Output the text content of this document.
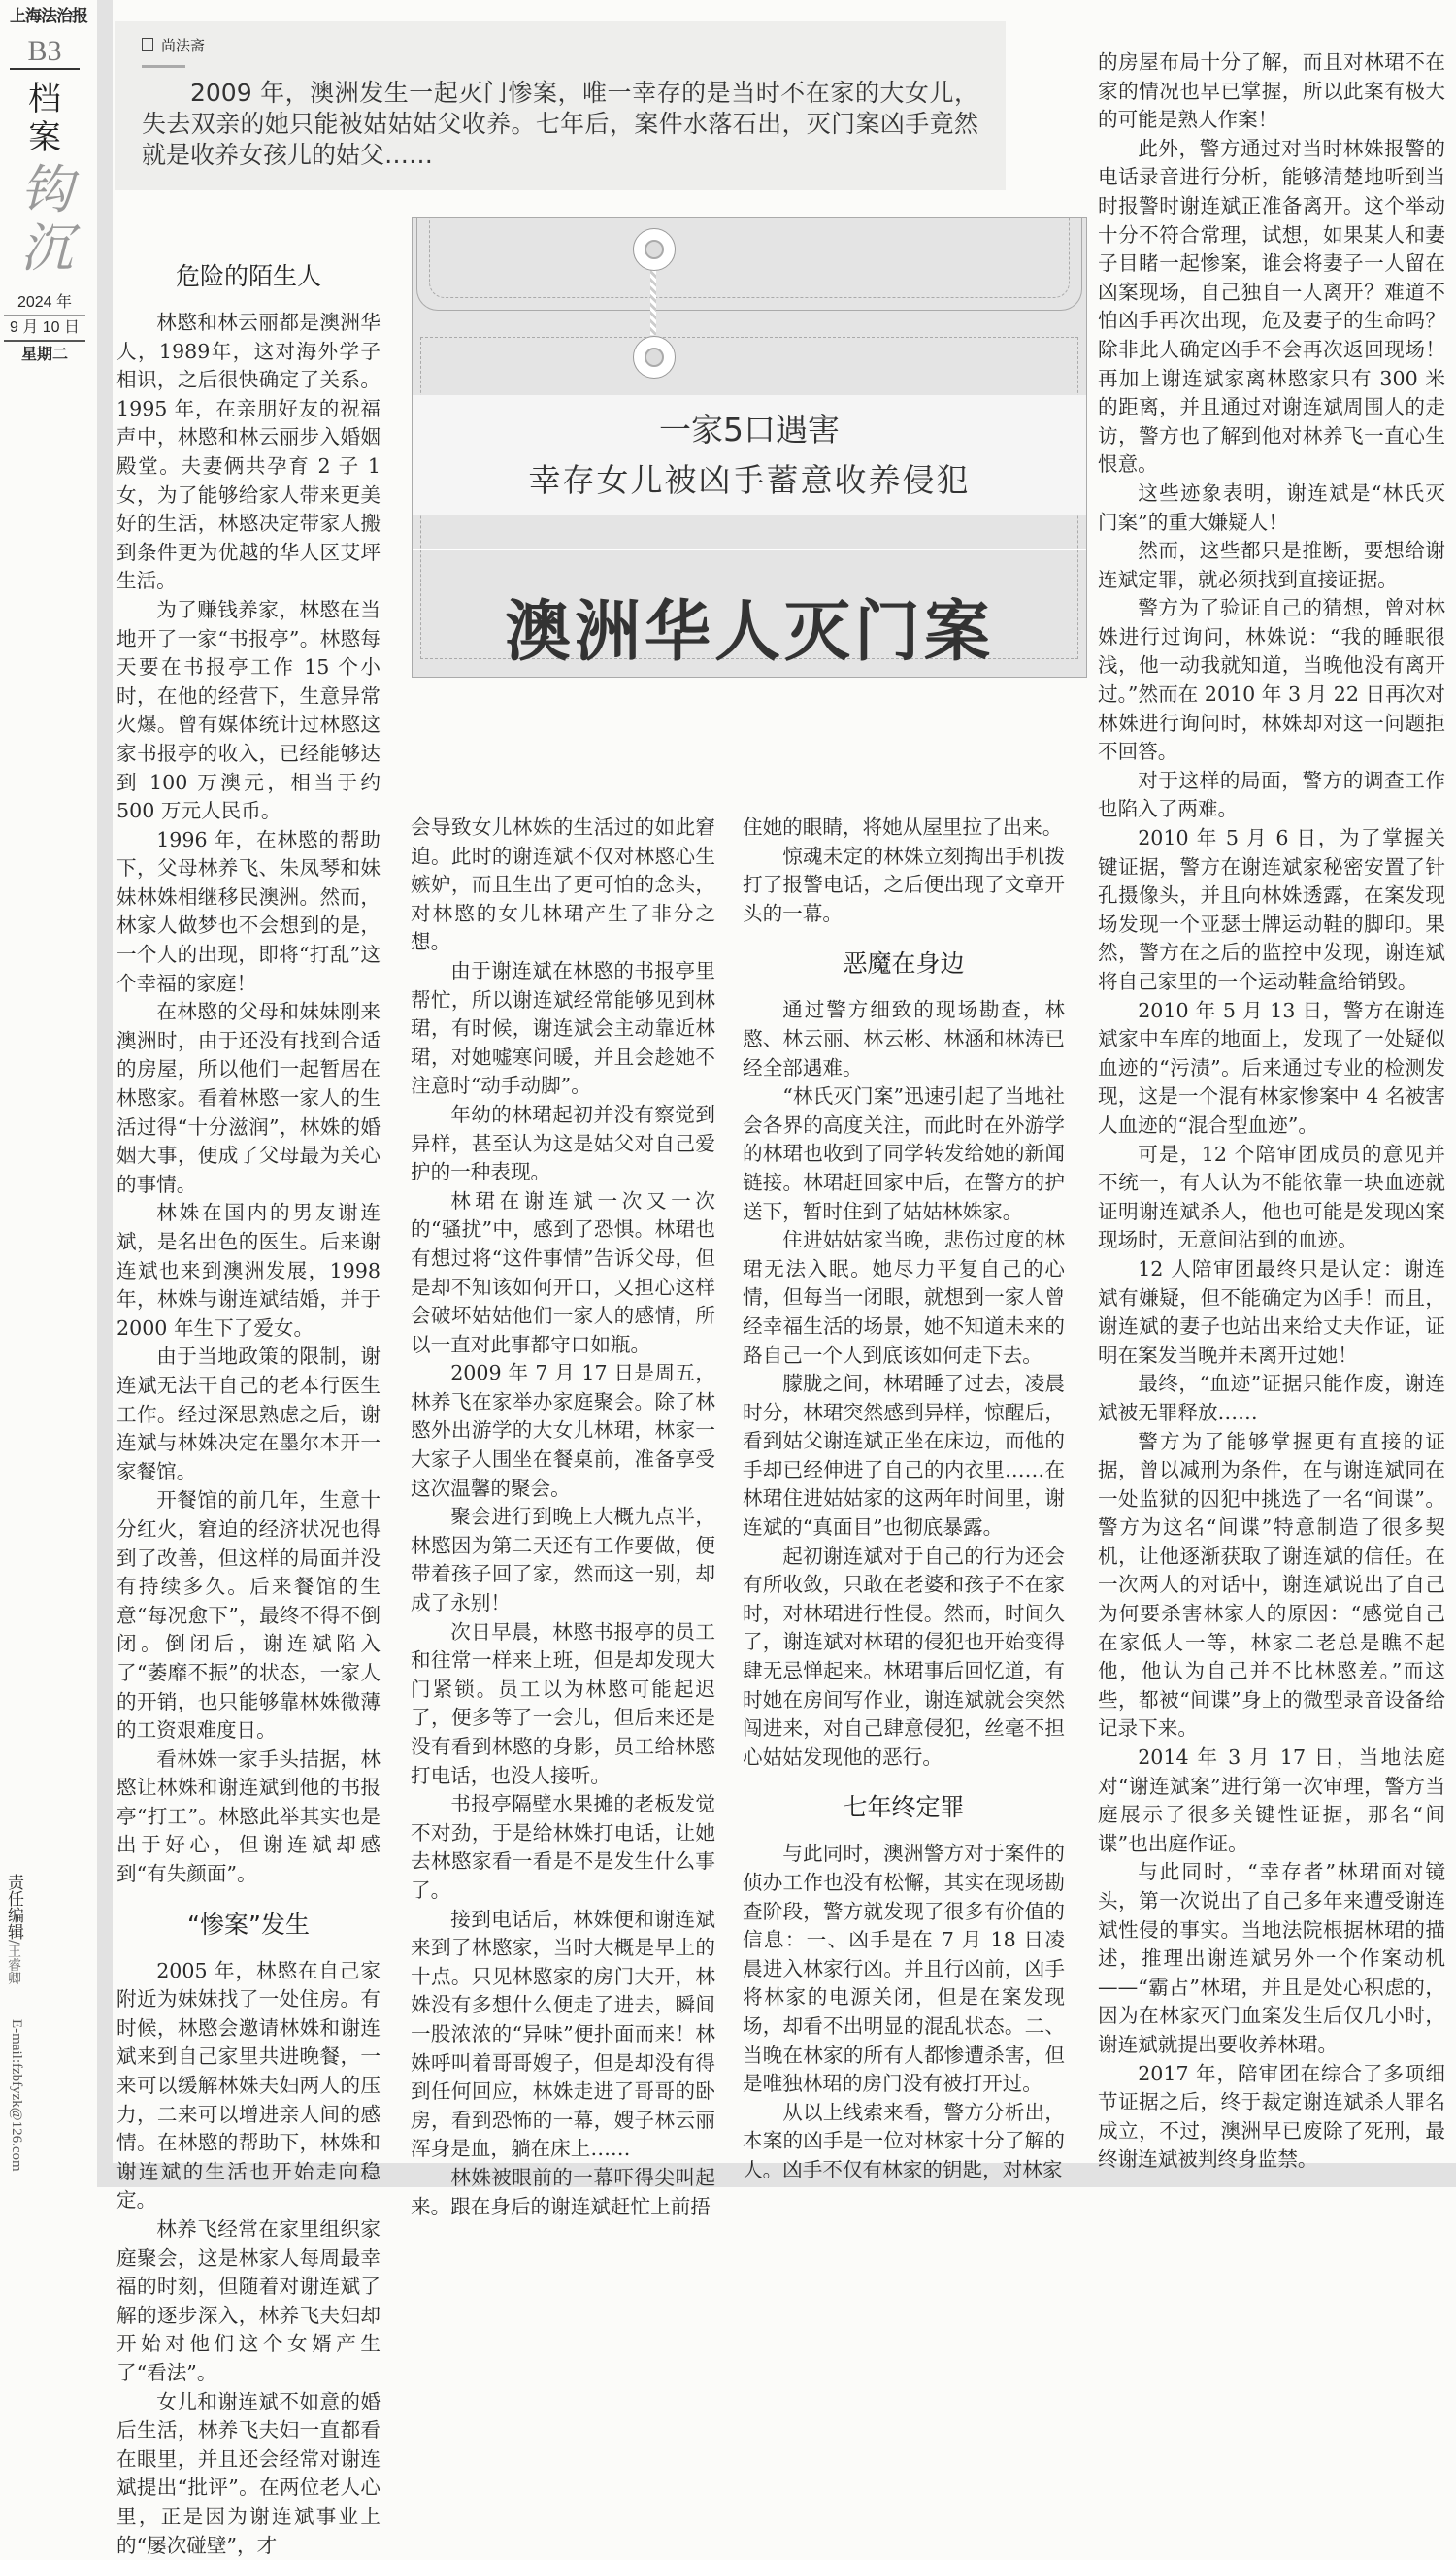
上海法治报
B3
档案
钩沉
2024 年
9 月 10 日
星期二
责任编辑/王睿卿
E-mail:fzbfyzk@126.com
尚法斋
2009 年，澳洲发生一起灭门惨案，唯一幸存的是当时不在家的大女儿，失去双亲的她只能被姑姑姑父收养。七年后，案件水落石出，灭门案凶手竟然就是收养女孩儿的姑父……
一家5口遇害
幸存女儿被凶手蓄意收养侵犯
澳洲华人灭门案
危险的陌生人

林愍和林云丽都是澳洲华人，1989年，这对海外学子相识，之后很快确定了关系。1995 年，在亲朋好友的祝福声中，林愍和林云丽步入婚姻殿堂。夫妻俩共孕育 2 子 1 女，为了能够给家人带来更美好的生活，林愍决定带家人搬到条件更为优越的华人区艾坪生活。

为了赚钱养家，林愍在当地开了一家“书报亭”。林愍每天要在书报亭工作 15 个小时，在他的经营下，生意异常火爆。曾有媒体统计过林愍这家书报亭的收入，已经能够达到 100 万澳元，相当于约 500 万元人民币。

1996 年，在林愍的帮助下，父母林养飞、朱凤琴和妹妹林姝相继移民澳洲。然而，林家人做梦也不会想到的是，一个人的出现，即将“打乱”这个幸福的家庭！

在林愍的父母和妹妹刚来澳洲时，由于还没有找到合适的房屋，所以他们一起暂居在林愍家。看着林愍一家人的生活过得“十分滋润”，林姝的婚姻大事，便成了父母最为关心的事情。

林姝在国内的男友谢连斌，是名出色的医生。后来谢连斌也来到澳洲发展，1998 年，林姝与谢连斌结婚，并于 2000 年生下了爱女。

由于当地政策的限制，谢连斌无法干自己的老本行医生工作。经过深思熟虑之后，谢连斌与林姝决定在墨尔本开一家餐馆。

开餐馆的前几年，生意十分红火，窘迫的经济状况也得到了改善，但这样的局面并没有持续多久。后来餐馆的生意“每况愈下”，最终不得不倒闭。倒闭后，谢连斌陷入了“萎靡不振”的状态，一家人的开销，也只能够靠林姝微薄的工资艰难度日。

看林姝一家手头拮据，林愍让林姝和谢连斌到他的书报亭“打工”。林愍此举其实也是出于好心，但谢连斌却感到“有失颜面”。

“惨案”发生

2005 年，林愍在自己家附近为妹妹找了一处住房。有时候，林愍会邀请林姝和谢连斌来到自己家里共进晚餐，一来可以缓解林姝夫妇两人的压力，二来可以增进亲人间的感情。在林愍的帮助下，林姝和谢连斌的生活也开始走向稳定。

林养飞经常在家里组织家庭聚会，这是林家人每周最幸福的时刻，但随着对谢连斌了解的逐步深入，林养飞夫妇却开始对他们这个女婿产生了“看法”。

女儿和谢连斌不如意的婚后生活，林养飞夫妇一直都看在眼里，并且还会经常对谢连斌提出“批评”。在两位老人心里，正是因为谢连斌事业上的“屡次碰壁”，才

会导致女儿林姝的生活过的如此窘迫。此时的谢连斌不仅对林愍心生嫉妒，而且生出了更可怕的念头，对林愍的女儿林珺产生了非分之想。

由于谢连斌在林愍的书报亭里帮忙，所以谢连斌经常能够见到林珺，有时候，谢连斌会主动靠近林珺，对她嘘寒问暖，并且会趁她不注意时“动手动脚”。

年幼的林珺起初并没有察觉到异样，甚至认为这是姑父对自己爱护的一种表现。

林珺在谢连斌一次又一次的“骚扰”中，感到了恐惧。林珺也有想过将“这件事情”告诉父母，但是却不知该如何开口，又担心这样会破坏姑姑他们一家人的感情，所以一直对此事都守口如瓶。

2009 年 7 月 17 日是周五，林养飞在家举办家庭聚会。除了林愍外出游学的大女儿林珺，林家一大家子人围坐在餐桌前，准备享受这次温馨的聚会。

聚会进行到晚上大概九点半，林愍因为第二天还有工作要做，便带着孩子回了家，然而这一别，却成了永别！

次日早晨，林愍书报亭的员工和往常一样来上班，但是却发现大门紧锁。员工以为林愍可能起迟了，便多等了一会儿，但后来还是没有看到林愍的身影，员工给林愍打电话，也没人接听。

书报亭隔壁水果摊的老板发觉不对劲，于是给林姝打电话，让她去林愍家看一看是不是发生什么事了。

接到电话后，林姝便和谢连斌来到了林愍家，当时大概是早上的十点。只见林愍家的房门大开，林姝没有多想什么便走了进去，瞬间一股浓浓的“异味”便扑面而来！林姝呼叫着哥哥嫂子，但是却没有得到任何回应，林姝走进了哥哥的卧房，看到恐怖的一幕，嫂子林云丽浑身是血，躺在床上……

林姝被眼前的一幕吓得尖叫起来。跟在身后的谢连斌赶忙上前捂

住她的眼睛，将她从屋里拉了出来。

惊魂未定的林姝立刻掏出手机拨打了报警电话，之后便出现了文章开头的一幕。

恶魔在身边

通过警方细致的现场勘查，林愍、林云丽、林云彬、林涵和林涛已经全部遇难。

“林氏灭门案”迅速引起了当地社会各界的高度关注，而此时在外游学的林珺也收到了同学转发给她的新闻链接。林珺赶回家中后，在警方的护送下，暂时住到了姑姑林姝家。

住进姑姑家当晚，悲伤过度的林珺无法入眠。她尽力平复自己的心情，但每当一闭眼，就想到一家人曾经幸福生活的场景，她不知道未来的路自己一个人到底该如何走下去。

朦胧之间，林珺睡了过去，凌晨时分，林珺突然感到异样，惊醒后，看到姑父谢连斌正坐在床边，而他的手却已经伸进了自己的内衣里……在林珺住进姑姑家的这两年时间里，谢连斌的“真面目”也彻底暴露。

起初谢连斌对于自己的行为还会有所收敛，只敢在老婆和孩子不在家时，对林珺进行性侵。然而，时间久了，谢连斌对林珺的侵犯也开始变得肆无忌惮起来。林珺事后回忆道，有时她在房间写作业，谢连斌就会突然闯进来，对自己肆意侵犯，丝毫不担心姑姑发现他的恶行。

七年终定罪

与此同时，澳洲警方对于案件的侦办工作也没有松懈，其实在现场勘查阶段，警方就发现了很多有价值的信息：一、凶手是在 7 月 18 日凌晨进入林家行凶。并且行凶前，凶手将林家的电源关闭，但是在案发现场，却看不出明显的混乱状态。二、当晚在林家的所有人都惨遭杀害，但是唯独林珺的房门没有被打开过。

从以上线索来看，警方分析出，本案的凶手是一位对林家十分了解的人。凶手不仅有林家的钥匙，对林家

的房屋布局十分了解，而且对林珺不在家的情况也早已掌握，所以此案有极大的可能是熟人作案！

此外，警方通过对当时林姝报警的电话录音进行分析，能够清楚地听到当时报警时谢连斌正准备离开。这个举动十分不符合常理，试想，如果某人和妻子目睹一起惨案，谁会将妻子一人留在凶案现场，自己独自一人离开？难道不怕凶手再次出现，危及妻子的生命吗？除非此人确定凶手不会再次返回现场！再加上谢连斌家离林愍家只有 300 米的距离，并且通过对谢连斌周围人的走访，警方也了解到他对林养飞一直心生恨意。

这些迹象表明，谢连斌是“林氏灭门案”的重大嫌疑人！

然而，这些都只是推断，要想给谢连斌定罪，就必须找到直接证据。

警方为了验证自己的猜想，曾对林姝进行过询问，林姝说：“我的睡眠很浅，他一动我就知道，当晚他没有离开过。”然而在 2010 年 3 月 22 日再次对林姝进行询问时，林姝却对这一问题拒不回答。

对于这样的局面，警方的调查工作也陷入了两难。

2010 年 5 月 6 日，为了掌握关键证据，警方在谢连斌家秘密安置了针孔摄像头，并且向林姝透露，在案发现场发现一个亚瑟士牌运动鞋的脚印。果然，警方在之后的监控中发现，谢连斌将自己家里的一个运动鞋盒给销毁。

2010 年 5 月 13 日，警方在谢连斌家中车库的地面上，发现了一处疑似血迹的“污渍”。后来通过专业的检测发现，这是一个混有林家惨案中 4 名被害人血迹的“混合型血迹”。

可是，12 个陪审团成员的意见并不统一，有人认为不能依靠一块血迹就证明谢连斌杀人，他也可能是发现凶案现场时，无意间沾到的血迹。

12 人陪审团最终只是认定：谢连斌有嫌疑，但不能确定为凶手！而且，谢连斌的妻子也站出来给丈夫作证，证明在案发当晚并未离开过她！

最终，“血迹”证据只能作废，谢连斌被无罪释放……

警方为了能够掌握更有直接的证据，曾以减刑为条件，在与谢连斌同在一处监狱的囚犯中挑选了一名“间谍”。警方为这名“间谍”特意制造了很多契机，让他逐渐获取了谢连斌的信任。在一次两人的对话中，谢连斌说出了自己为何要杀害林家人的原因：“感觉自己在家低人一等，林家二老总是瞧不起他，他认为自己并不比林愍差。”而这些，都被“间谍”身上的微型录音设备给记录下来。

2014 年 3 月 17 日，当地法庭对“谢连斌案”进行第一次审理，警方当庭展示了很多关键性证据，那名“间谍”也出庭作证。

与此同时，“幸存者”林珺面对镜头，第一次说出了自己多年来遭受谢连斌性侵的事实。当地法院根据林珺的描述，推理出谢连斌另外一个作案动机——“霸占”林珺，并且是处心积虑的，因为在林家灭门血案发生后仅几小时，谢连斌就提出要收养林珺。

2017 年，陪审团在综合了多项细节证据之后，终于裁定谢连斌杀人罪名成立，不过，澳洲早已废除了死刑，最终谢连斌被判终身监禁。
